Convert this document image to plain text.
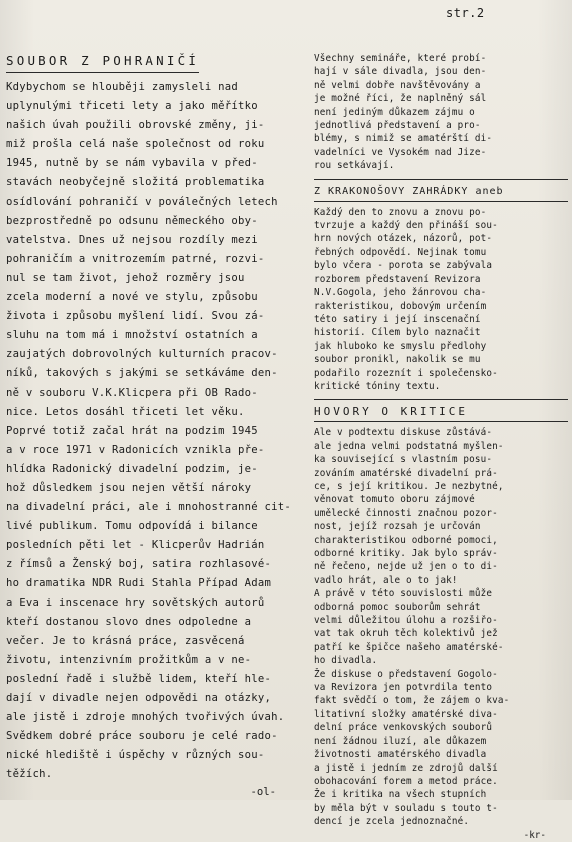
str.2
SOUBOR Z POHRANIČÍ
Kdybychom se hlouběji zamysleli nad
uplynulými třiceti lety a jako měřítko
našich úvah použili obrovské změny, ji-
miž prošla celá naše společnost od roku
1945, nutně by se nám vybavila v před-
stavách neobyčejně složitá problematika
osídlování pohraničí v poválečných letech
bezprostředně po odsunu německého oby-
vatelstva. Dnes už nejsou rozdíly mezi
pohraničím a vnitrozemím patrné, rozvi-
nul se tam život, jehož rozměry jsou
zcela moderní a nové ve stylu, způsobu
života i způsobu myšlení lidí. Svou zá-
sluhu na tom má i množství ostatních a
zaujatých dobrovolných kulturních pracov-
níků, takových s jakými se setkáváme den-
ně v souboru V.K.Klicpera při OB Rado-
nice. Letos dosáhl třiceti let věku.
Poprvé totiž začal hrát na podzim 1945
a v roce 1971 v Radonicích vznikla pře-
hlídka Radonický divadelní podzim, je-
hož důsledkem jsou nejen větší nároky
na divadelní práci, ale i mnohostranné cit-
livé publikum. Tomu odpovídá i bilance
posledních pěti let - Klicperův Hadrián
z římsů a Ženský boj, satira rozhlasové-
ho dramatika NDR Rudi Stahla Případ Adam
a Eva i inscenace hry sovětských autorů
kteří dostanou slovo dnes odpoledne a
večer. Je to krásná práce, zasvěcená
životu, intenzivním prožitkům a v ne-
poslední řadě i službě lidem, kteří hle-
dají v divadle nejen odpovědi na otázky,
ale jistě i zdroje mnohých tvořivých úvah.
Svědkem dobré práce souboru je celé rado-
nické hlediště i úspěchy v různých sou-
těžích.
-ol-
Všechny semináře, které probí-
hají v sále divadla, jsou den-
ně velmi dobře navštěvovány a
je možné říci, že naplněný sál
není jediným důkazem zájmu o
jednotlivá představení a pro-
blémy, s nimiž se amatérští di-
vadelníci ve Vysokém nad Jize-
rou setkávají.
Z KRAKONOŠOVY ZAHRÁDKY aneb
Každý den to znovu a znovu po-
tvrzuje a každý den přináší sou-
hrn nových otázek, názorů, pot-
řebných odpovědí. Nejinak tomu
bylo včera - porota se zabývala
rozborem představení Revizora
N.V.Gogola, jeho žánrovou cha-
rakteristikou, dobovým určením
této satiry i její inscenační
historií. Cílem bylo naznačit
jak hluboko ke smyslu předlohy
soubor pronikl, nakolik se mu
podařilo rozeznít i společensko-
kritické tóniny textu.
HOVORY O KRITICE
Ale v podtextu diskuse zůstává-
ale jedna velmi podstatná myšlen-
ka související s vlastním posu-
zováním amatérské divadelní prá-
ce, s její kritikou. Je nezbytné,
věnovat tomuto oboru zájmové
umělecké činnosti značnou pozor-
nost, jejíž rozsah je určován
charakteristikou odborné pomoci,
odborné kritiky. Jak bylo správ-
ně řečeno, nejde už jen o to di-
vadlo hrát, ale o to jak!
A právě v této souvislosti může
odborná pomoc souborům sehrát
velmi důležitou úlohu a rozšiřo-
vat tak okruh těch kolektivů jež
patří ke špičce našeho amatérské-
ho divadla.
Že diskuse o představení Gogolo-
va Revizora jen potvrdila tento
fakt svědčí o tom, že zájem o kva-
litativní složky amatérské diva-
delní práce venkovských souborů
není žádnou iluzí, ale důkazem
životnosti amatérského divadla
a jistě i jedním ze zdrojů další
obohacování forem a metod práce.
Že i kritika na všech stupních
by měla být v souladu s touto t-
dencí je zcela jednoznačné.
-kr-
